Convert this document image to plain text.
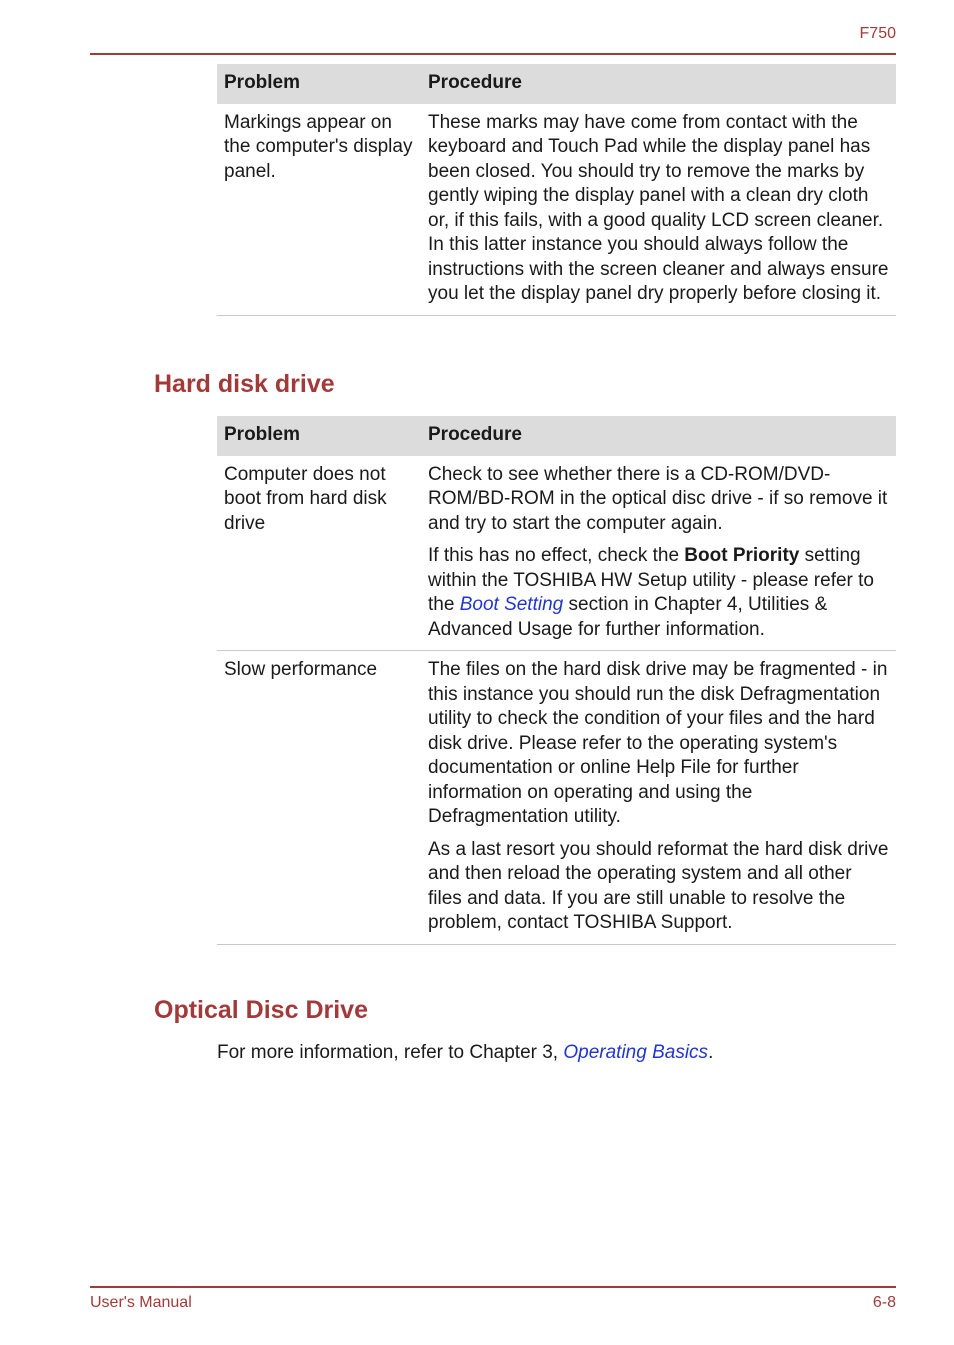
F750
Problem	Procedure
Markings appear on the computer's display panel.	These marks may have come from contact with the keyboard and Touch Pad while the display panel has been closed. You should try to remove the marks by gently wiping the display panel with a clean dry cloth or, if this fails, with a good quality LCD screen cleaner. In this latter instance you should always follow the instructions with the screen cleaner and always ensure you let the display panel dry properly before closing it.
Hard disk drive
Problem	Procedure
Computer does not boot from hard disk drive	Check to see whether there is a CD-ROM/DVD-ROM/BD-ROM in the optical disc drive - if so remove it and try to start the computer again.

If this has no effect, check the Boot Priority setting within the TOSHIBA HW Setup utility - please refer to the Boot Setting section in Chapter 4, Utilities & Advanced Usage for further information.

Slow performance	The files on the hard disk drive may be fragmented - in this instance you should run the disk Defragmentation utility to check the condition of your files and the hard disk drive. Please refer to the operating system's documentation or online Help File for further information on operating and using the Defragmentation utility.

As a last resort you should reformat the hard disk drive and then reload the operating system and all other files and data. If you are still unable to resolve the problem, contact TOSHIBA Support.

Optical Disc Drive

For more information, refer to Chapter 3, Operating Basics.

User's Manual	6-8
